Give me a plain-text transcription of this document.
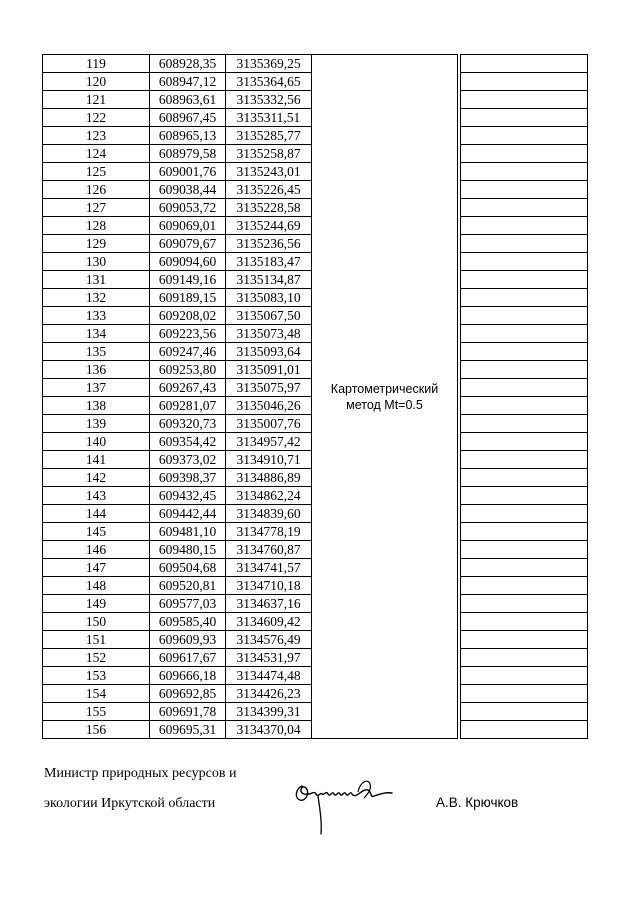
119	608928,35	3135369,25	Картометрический метод Mt=0.5		
120	608947,12	3135364,65			
121	608963,61	3135332,56			
122	608967,45	3135311,51			
123	608965,13	3135285,77			
124	608979,58	3135258,87			
125	609001,76	3135243,01			
126	609038,44	3135226,45			
127	609053,72	3135228,58			
128	609069,01	3135244,69			
129	609079,67	3135236,56			
130	609094,60	3135183,47			
131	609149,16	3135134,87			
132	609189,15	3135083,10			
133	609208,02	3135067,50			
134	609223,56	3135073,48			
135	609247,46	3135093,64			
136	609253,80	3135091,01			
137	609267,43	3135075,97			
138	609281,07	3135046,26			
139	609320,73	3135007,76			
140	609354,42	3134957,42			
141	609373,02	3134910,71			
142	609398,37	3134886,89			
143	609432,45	3134862,24			
144	609442,44	3134839,60			
145	609481,10	3134778,19			
146	609480,15	3134760,87			
147	609504,68	3134741,57			
148	609520,81	3134710,18			
149	609577,03	3134637,16			
150	609585,40	3134609,42			
151	609609,93	3134576,49			
152	609617,67	3134531,97			
153	609666,18	3134474,48			
154	609692,85	3134426,23			
155	609691,78	3134399,31			
156	609695,31	3134370,04			
Министр природных ресурсов и
экологии Иркутской области	А.В. Крючков
